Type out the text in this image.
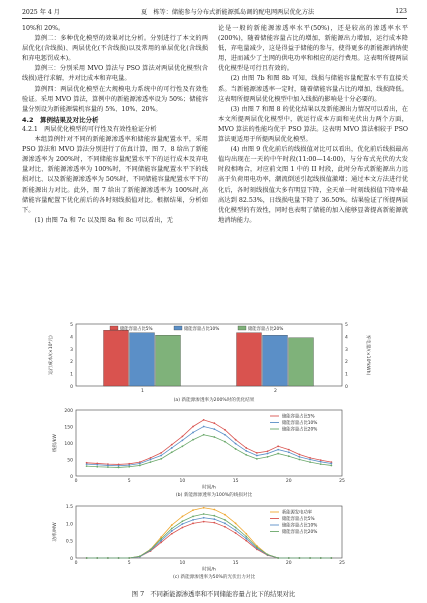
2025 年 4 月	夏　栋等：储能参与分布式新能源孤岛调的配电网两层优化方法	123

10%和 20%。

算例二：多种优化模型的效果对比分析。分别进行了本文的两层优化(含线损)、两层优化(不含线损)以及常用的单层优化(含线损和弃电惩罚成本)。

算例三：分别采用 MVO 算法与 PSO 算法对两层优化模型(含线损)进行求解，并对比成本和弃电量。

算例四：两层优化模型在大规模电力系统中的可行性及有效性验证。采用 MVO 算法，算例中的新能源渗透率设为 50%；储能容量分别设为新能源装机容量的 5%、10%、20%。

4.2　算例结果及对比分析
4.2.1　两层优化模型的可行性及有效性验证分析

本组算例针对不同的新能源渗透率和储能容量配置水平，采用 PSO 算法和 MVO 算法分别进行了仿真计算，图 7、8 给出了新能源渗透率为 200%时，不同储能容量配置水平下的运行成本及弃电量对比、新能源渗透率为 100%时，不同储能容量配置水平下的线损对比、以及新能源渗透率为 50%时，不同储能容量配置水平下的新能源出力对比。此外，图 7 给出了新能源渗透率为 100%时,高储能容量配置下优化前后的各时刻线损值对比。根据结果，分析如下。

(1) 由图 7a 和 7c 以及图 8a 和 8c 可以看出，无

论是一般的新能源渗透率水平(50%)，还是较高的渗透率水平(200%)，随着储能容量占比的增加，新能源出力增加，运行成本降低，弃电量减少，这是得益于储能的参与，使得更多的新能源消纳使用，进而减少了主网的供电功率和相应的运行费用。这表明所提两层优化模型是可行且有效的。

(2) 由图 7b 和图 8b 可知，线损与储能容量配置水平有直接关系。当新能源渗透率一定时，随着储能容量占比的增加，线损降低。这表明所提两层优化模型中加入线损的影响是十分必要的。

(3) 由图 7 和图 8 的优化结果以及新能源出力情况可以看出，在本文所提两层优化模型中，就运行成本方面和光伏出力两个方面，MVO 算法的性能均优于 PSO 算法。这表明 MVO 算法相较于 PSO 算法更适用于所提两层优化模型。

(4) 由图 9 优化前后的线损值对比可以看出，优化前后线损最高值均出现在一天的中午时段(11:00—14:00)，与分布式光伏的大发时段相吻合，对应前文图 1 中的 II 时段，此时分布式新能源出力远高于负荷用电功率，潮流倒送引起线损值激增；通过本文方法进行优化后，各时刻线损值大多有明显下降，全天单一时刻线损值下降率最高达到 82.53%，日线损电量下降了 36.50%。结果验证了所提两层优化模型的有效性，同时也表明了储能的加入能够显著提高新能源就地消纳能力。

0	0
1	1
2	2
3	3
4	4
5	5
运行成本/(×10⁴元)	弃电量/(×10⁴kWh)
1	2
储能容量占比5%	储能容量占比10%	储能容量占比20%
(a) 新能源渗透率为200%时的优化结果
0
50
100
150
200
0	5	10	15	20	25
时间/h
线损/kW
储能容量占比5%
储能容量占比10%
储能容量占比20%
(b) 新能源渗透率为100%的线损对比
0
0.5
1.0
1.5
0	5	10	15	20	25
时间/h
功率/MW
新能源发电功率
储能容量占比5%
储能容量占比10%
储能容量占比20%
(c) 新能源渗透率为50%的光伏出力对比
图 7　不同新能源渗透率和不同储能容量占比下的结果对比
